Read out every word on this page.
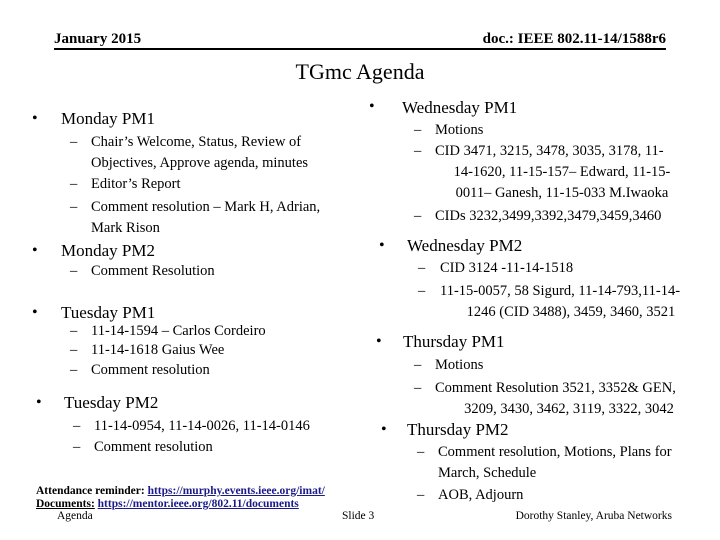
January 2015	doc.: IEEE 802.11-14/1588r6
TGmc Agenda
• Monday PM1
– Chair’s Welcome, Status, Review of
Objectives, Approve agenda, minutes
– Editor’s Report
– Comment resolution – Mark H, Adrian,
Mark Rison
• Monday PM2
– Comment Resolution
• Tuesday PM1
– 11-14-1594 – Carlos Cordeiro
– 11-14-1618 Gaius Wee
– Comment resolution
• Tuesday PM2
– 11-14-0954, 11-14-0026, 11-14-0146
– Comment resolution
• Wednesday PM1
– Motions
– CID 3471, 3215, 3478, 3035, 3178, 11-
14-1620, 11-15-157– Edward, 11-15-
0011– Ganesh, 11-15-033 M.Iwaoka
– CIDs 3232,3499,3392,3479,3459,3460
• Wednesday PM2
– CID 3124 -11-14-1518
– 11-15-0057, 58 Sigurd, 11-14-793,11-14-
1246 (CID 3488), 3459, 3460, 3521
• Thursday PM1
– Motions
– Comment Resolution 3521, 3352& GEN,
3209, 3430, 3462, 3119, 3322, 3042
• Thursday PM2
– Comment resolution, Motions, Plans for
March, Schedule
– AOB, Adjourn
Attendance reminder: https://murphy.events.ieee.org/imat/
Documents: https://mentor.ieee.org/802.11/documents
Agenda	Slide 3	Dorothy Stanley, Aruba Networks
